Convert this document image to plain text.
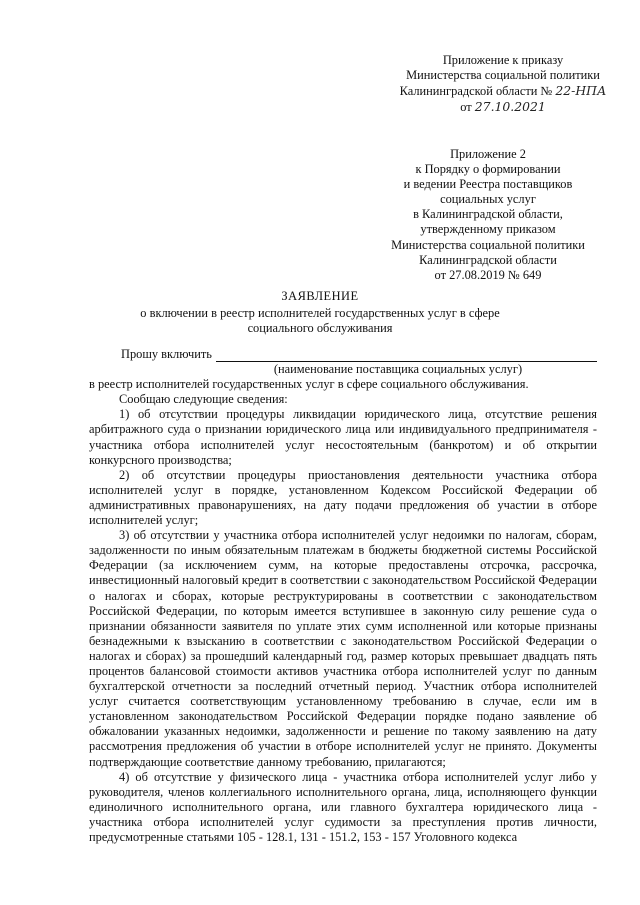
Приложение к приказу
Министерства социальной политики
Калининградской области № 22-НПА
от 27.10.2021
Приложение 2
к Порядку о формировании
и ведении Реестра поставщиков
социальных услуг
в Калининградской области,
утвержденному приказом
Министерства социальной политики
Калининградской области
от 27.08.2019 № 649
ЗАЯВЛЕНИЕ
о включении в реестр исполнителей государственных услуг в сфере социального обслуживания
Прошу включить

(наименование поставщика социальных услуг)

в реестр исполнителей государственных услуг в сфере социального обслуживания.

Сообщаю следующие сведения:

1) об отсутствии процедуры ликвидации юридического лица, отсутствие решения арбитражного суда о признании юридического лица или индивидуального предпринимателя - участника отбора исполнителей услуг несостоятельным (банкротом) и об открытии конкурсного производства;

2) об отсутствии процедуры приостановления деятельности участника отбора исполнителей услуг в порядке, установленном Кодексом Российской Федерации об административных правонарушениях, на дату подачи предложения об участии в отборе исполнителей услуг;

3) об отсутствии у участника отбора исполнителей услуг недоимки по налогам, сборам, задолженности по иным обязательным платежам в бюджеты бюджетной системы Российской Федерации (за исключением сумм, на которые предоставлены отсрочка, рассрочка, инвестиционный налоговый кредит в соответствии с законодательством Российской Федерации о налогах и сборах, которые реструктурированы в соответствии с законодательством Российской Федерации, по которым имеется вступившее в законную силу решение суда о признании обязанности заявителя по уплате этих сумм исполненной или которые признаны безнадежными к взысканию в соответствии с законодательством Российской Федерации о налогах и сборах) за прошедший календарный год, размер которых превышает двадцать пять процентов балансовой стоимости активов участника отбора исполнителей услуг по данным бухгалтерской отчетности за последний отчетный период. Участник отбора исполнителей услуг считается соответствующим установленному требованию в случае, если им в установленном законодательством Российской Федерации порядке подано заявление об обжаловании указанных недоимки, задолженности и решение по такому заявлению на дату рассмотрения предложения об участии в отборе исполнителей услуг не принято. Документы подтверждающие соответствие данному требованию, прилагаются;

4) об отсутствие у физического лица - участника отбора исполнителей услуг либо у руководителя, членов коллегиального исполнительного органа, лица, исполняющего функции единоличного исполнительного органа, или главного бухгалтера юридического лица - участника отбора исполнителей услуг судимости за преступления против личности, предусмотренные статьями 105 - 128.1, 131 - 151.2, 153 - 157 Уголовного кодекса
